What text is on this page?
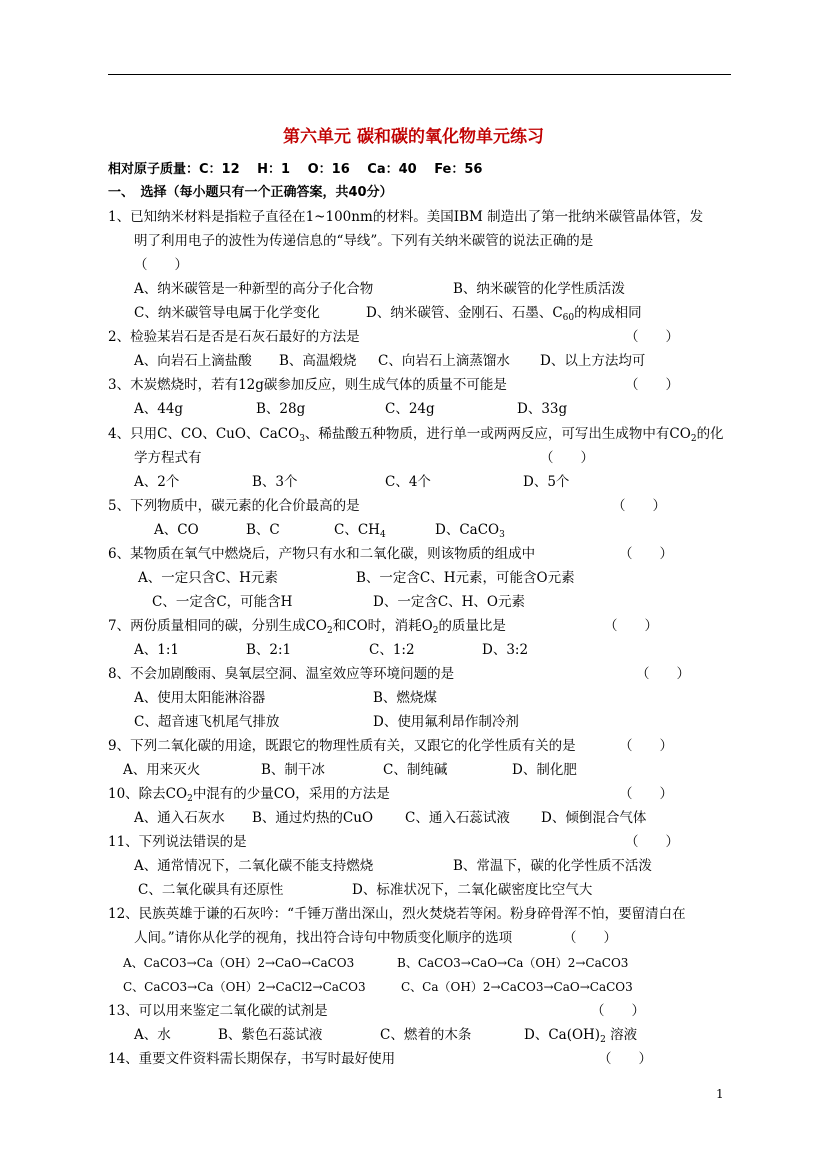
第六单元 碳和碳的氧化物单元练习
相对原子质量：C：12　 H：1　 O：16　 Ca：40　 Fe：56
一、　选择（每小题只有一个正确答案，共40分）
1、已知纳米材料是指粒子直径在1~100nm的材料。美国IBM 制造出了第一批纳米碳管晶体管，发
明了利用电子的波性为传递信息的“导线”。下列有关纳米碳管的说法正确的是
（　　）
A、纳米碳管是一种新型的高分子化合物	B、纳米碳管的化学性质活泼
C、纳米碳管导电属于化学变化	D、纳米碳管、金刚石、石墨、$C_{60}$的构成相同
2、检验某岩石是否是石灰石最好的方法是	（　　）
A、向岩石上滴盐酸 B、高温煅烧 C、向岩石上滴蒸馏水 D、以上方法均可
3、木炭燃烧时，若有12g碳参加反应，则生成气体的质量不可能是	（　　）
A、44g	B、28g	C、24g	D、33g
4、只用C、CO、CuO、CaCO$_3$、稀盐酸五种物质，进行单一或两两反应，可写出生成物中有$CO_2$的化
学方程式有	（　　）
A、2个	B、3个	C、4个	D、5个
5、下列物质中，碳元素的化合价最高的是	（　　）
A、CO	B、C	C、$CH_4$	D、CaCO$_3$
6、某物质在氧气中燃烧后，产物只有水和二氧化碳，则该物质的组成中	（　　）
A、一定只含C、H元素	B、一定含C、H元素，可能含O元素
C、一定含C，可能含H	D、一定含C、H、O元素
7、两份质量相同的碳，分别生成$CO_2$和CO时，消耗$O_2$的质量比是	（　　）
A、1:1	B、2:1	C、1:2	D、3:2
8、不会加剧酸雨、臭氧层空洞、温室效应等环境问题的是	（　　）
A、使用太阳能淋浴器	B、燃烧煤
C、超音速飞机尾气排放	D、使用氟利昂作制冷剂
9、下列二氧化碳的用途，既跟它的物理性质有关，又跟它的化学性质有关的是	（　　）
A、用来灭火	B、制干冰	C、制纯碱	D、制化肥
10、除去$CO_2$中混有的少量CO，采用的方法是	（　　）
A、通入石灰水 B、通过灼热的CuO C、通入石蕊试液 D、倾倒混合气体
11、下列说法错误的是	（　　）
A、通常情况下，二氧化碳不能支持燃烧	B、常温下，碳的化学性质不活泼
C、二氧化碳具有还原性	D、标准状况下，二氧化碳密度比空气大
12、民族英雄于谦的石灰吟：“千锤万凿出深山，烈火焚烧若等闲。粉身碎骨浑不怕，要留清白在
人间。”请你从化学的视角，找出符合诗句中物质变化顺序的选项	（　　）
A、CaCO3→Ca（OH）2→CaO→CaCO3	B、CaCO3→CaO→Ca（OH）2→CaCO3
C、CaCO3→Ca（OH）2→CaCl2→CaCO3	C、Ca（OH）2→CaCO3→CaO→CaCO3
13、可以用来鉴定二氧化碳的试剂是	（　　）
A、水	B、紫色石蕊试液	C、燃着的木条	D、$Ca(OH)_2$ 溶液
14、重要文件资料需长期保存，书写时最好使用	（　　）
1
